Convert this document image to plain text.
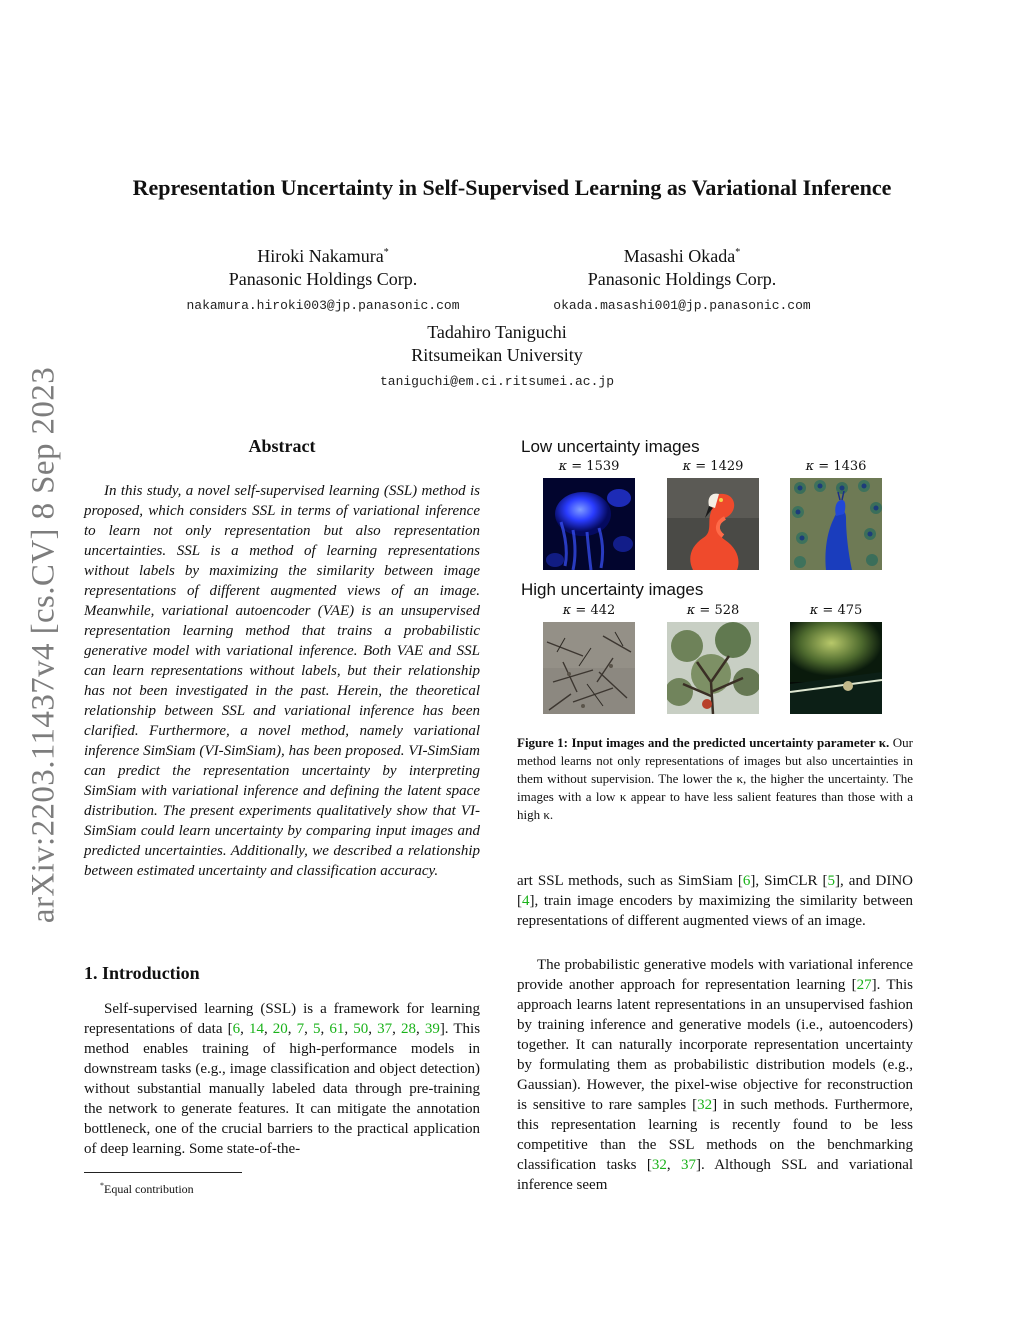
arXiv:2203.11437v4 [cs.CV] 8 Sep 2023
Representation Uncertainty in Self-Supervised Learning as Variational Inference
Hiroki Nakamura*
Panasonic Holdings Corp.
nakamura.hiroki003@jp.panasonic.com
Masashi Okada*
Panasonic Holdings Corp.
okada.masashi001@jp.panasonic.com
Tadahiro Taniguchi
Ritsumeikan University
taniguchi@em.ci.ritsumei.ac.jp
Abstract

In this study, a novel self-supervised learning (SSL) method is proposed, which considers SSL in terms of variational inference to learn not only representation but also representation uncertainties. SSL is a method of learning representations without labels by maximizing the similarity between image representations of different augmented views of an image. Meanwhile, variational autoencoder (VAE) is an unsupervised representation learning method that trains a probabilistic generative model with variational inference. Both VAE and SSL can learn representations without labels, but their relationship has not been investigated in the past. Herein, the theoretical relationship between SSL and variational inference has been clarified. Furthermore, a novel method, namely variational inference SimSiam (VI-SimSiam), has been proposed. VI-SimSiam can predict the representation uncertainty by interpreting SimSiam with variational inference and defining the latent space distribution. The present experiments qualitatively show that VI-SimSiam could learn uncertainty by comparing input images and predicted uncertainties. Additionally, we described a relationship between estimated uncertainty and classification accuracy.

1. Introduction

Self-supervised learning (SSL) is a framework for learning representations of data [6, 14, 20, 7, 5, 61, 50, 37, 28, 39]. This method enables training of high-performance models in downstream tasks (e.g., image classification and object detection) without substantial manually labeled data through pre-training the network to generate features. It can mitigate the annotation bottleneck, one of the crucial barriers to the practical application of deep learning. Some state-of-the-

*Equal contribution
Low uncertainty images
κ = 1539	κ = 1429	κ = 1436
High uncertainty images
κ = 442	κ = 528	κ = 475

Figure 1: Input images and the predicted uncertainty parameter κ. Our method learns not only representations of images but also uncertainties in them without supervision. The lower the κ, the higher the uncertainty. The images with a low κ appear to have less salient features than those with a high κ.

art SSL methods, such as SimSiam [6], SimCLR [5], and DINO [4], train image encoders by maximizing the similarity between representations of different augmented views of an image.

The probabilistic generative models with variational inference provide another approach for representation learning [27]. This approach learns latent representations in an unsupervised fashion by training inference and generative models (i.e., autoencoders) together. It can naturally incorporate representation uncertainty by formulating them as probabilistic distribution models (e.g., Gaussian). However, the pixel-wise objective for reconstruction is sensitive to rare samples [32] in such methods. Furthermore, this representation learning is recently found to be less competitive than the SSL methods on the benchmarking classification tasks [32, 37]. Although SSL and variational inference seem
